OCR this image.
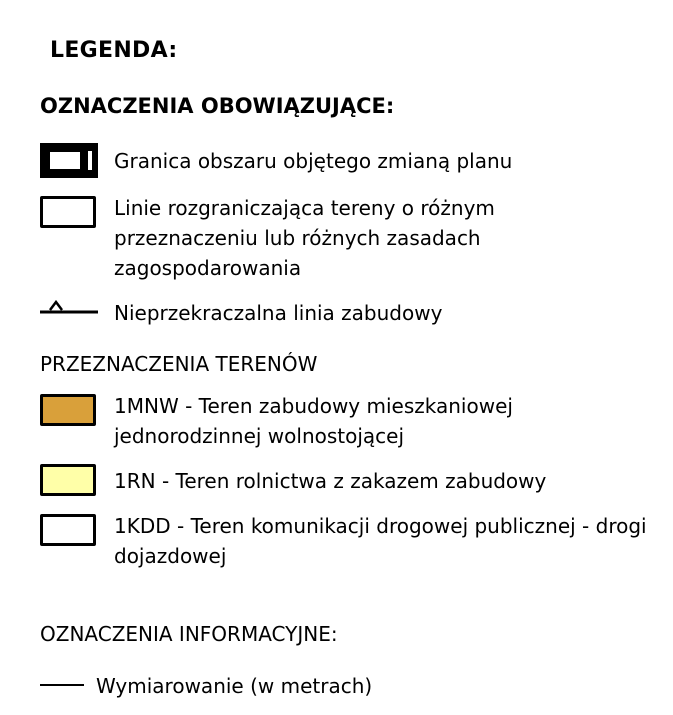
LEGENDA:
OZNACZENIA OBOWIĄZUJĄCE:
Granica obszaru objętego zmianą planu
Linie rozgraniczająca tereny o różnym przeznaczeniu lub różnych zasadach zagospodarowania
Nieprzekraczalna linia zabudowy
PRZEZNACZENIA TERENÓW
1MNW - Teren zabudowy mieszkaniowej jednorodzinnej wolnostojącej
1RN - Teren rolnictwa z zakazem zabudowy
1KDD - Teren komunikacji drogowej publicznej - drogi dojazdowej
OZNACZENIA INFORMACYJNE:
Wymiarowanie (w metrach)
